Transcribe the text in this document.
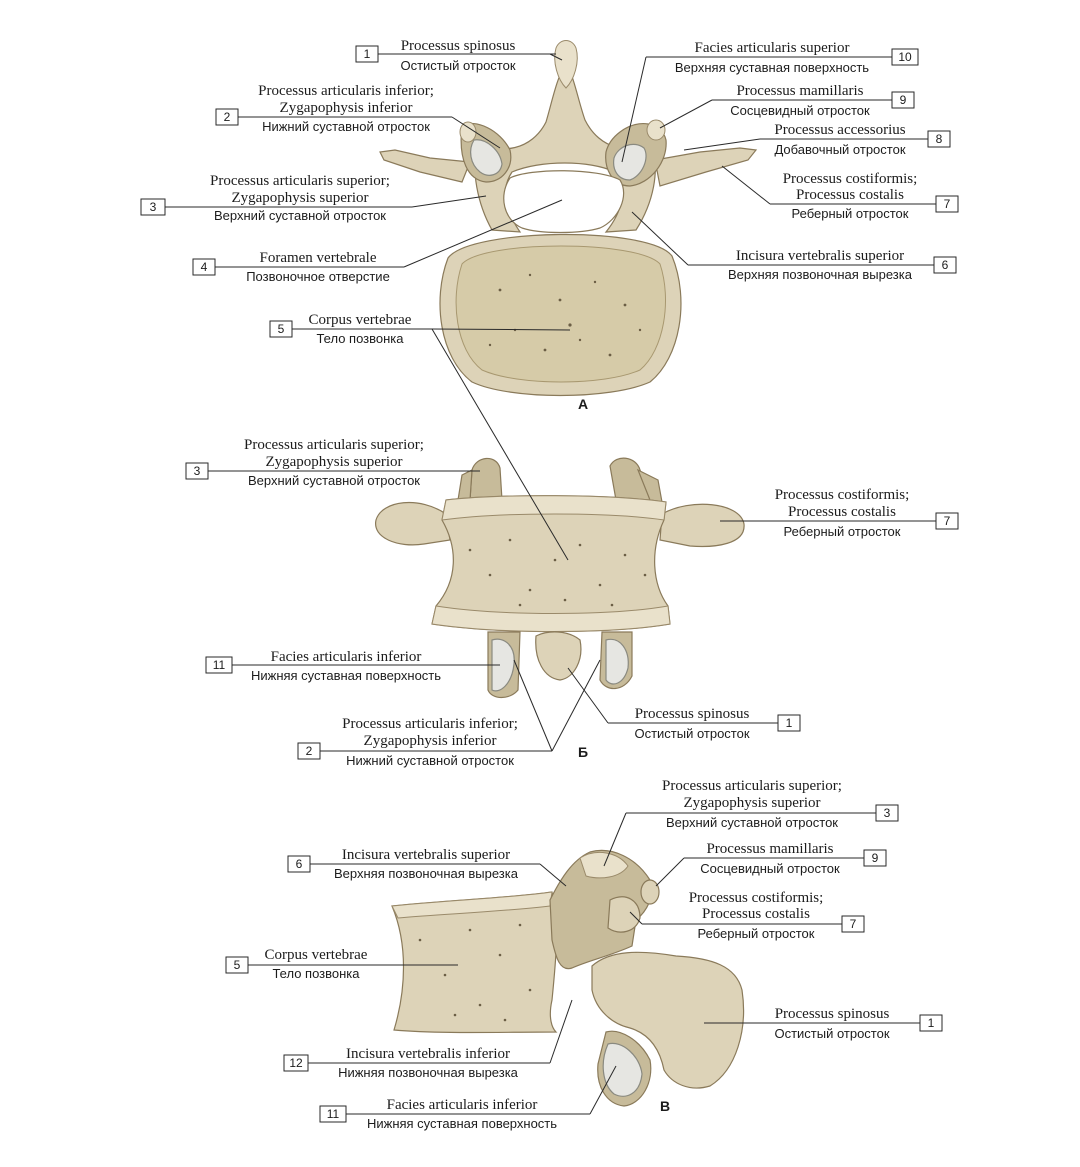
А
Б
В
1 Processus spinosus
Остистый отросток
10
Facies articularis superior
Верхняя суставная поверхность
2
Processus articularis inferior;
Zygapophysis inferior
Нижний суставной отросток
9
Processus mamillaris
Сосцевидный отросток
8
Processus accessorius
Добавочный отросток
3
Processus articularis superior;
Zygapophysis superior
Верхний суставной отросток
7
Processus costiformis;
Processus costalis
Реберный отросток
4
Foramen vertebrale
Позвоночное отверстие
6
Incisura vertebralis superior
Верхняя позвоночная вырезка
5
Corpus vertebrae
Тело позвонка
3
Processus articularis superior;
Zygapophysis superior
Верхний суставной отросток
7
Processus costiformis;
Processus costalis
Реберный отросток
11	Facies articularis inferior
Нижняя суставная поверхность
1
Processus spinosus
Остистый отросток
2
Processus articularis inferior;
Zygapophysis inferior
Нижний суставной отросток
3
Processus articularis superior;
Zygapophysis superior
Верхний суставной отросток
6
Incisura vertebralis superior
Верхняя позвоночная вырезка
9
Processus mamillaris
Сосцевидный отросток
7
Processus costiformis;
Processus costalis
Реберный отросток
5
Corpus vertebrae
Тело позвонка
1
Processus spinosus
Остистый отросток
12
Incisura vertebralis inferior
Нижняя позвоночная вырезка
11
Facies articularis inferior
Нижняя суставная поверхность
